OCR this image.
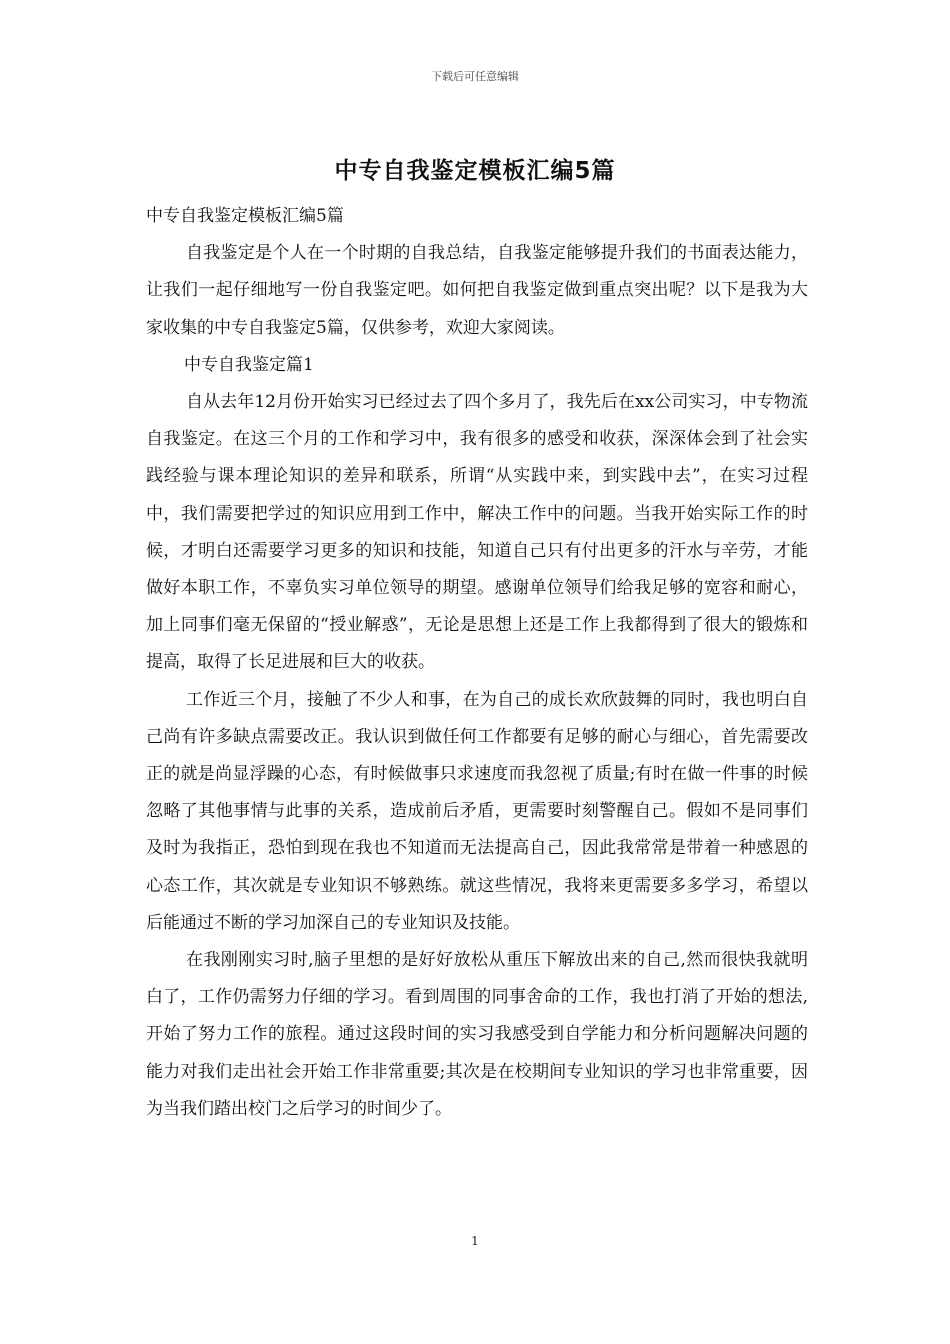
下载后可任意编辑
中专自我鉴定模板汇编5篇

中专自我鉴定模板汇编5篇

自我鉴定是个人在一个时期的自我总结，自我鉴定能够提升我们的书面表达能力，让我们一起仔细地写一份自我鉴定吧。如何把自我鉴定做到重点突出呢？以下是我为大家收集的中专自我鉴定5篇，仅供参考，欢迎大家阅读。

中专自我鉴定篇1

自从去年12月份开始实习已经过去了四个多月了，我先后在xx公司实习，中专物流自我鉴定。在这三个月的工作和学习中，我有很多的感受和收获，深深体会到了社会实践经验与课本理论知识的差异和联系，所谓“从实践中来，到实践中去”，在实习过程中，我们需要把学过的知识应用到工作中，解决工作中的问题。当我开始实际工作的时候，才明白还需要学习更多的知识和技能，知道自己只有付出更多的汗水与辛劳，才能做好本职工作，不辜负实习单位领导的期望。感谢单位领导们给我足够的宽容和耐心，加上同事们毫无保留的“授业解惑”，无论是思想上还是工作上我都得到了很大的锻炼和提高，取得了长足进展和巨大的收获。

工作近三个月，接触了不少人和事，在为自己的成长欢欣鼓舞的同时，我也明白自己尚有许多缺点需要改正。我认识到做任何工作都要有足够的耐心与细心，首先需要改正的就是尚显浮躁的心态，有时候做事只求速度而我忽视了质量;有时在做一件事的时候忽略了其他事情与此事的关系，造成前后矛盾，更需要时刻警醒自己。假如不是同事们及时为我指正，恐怕到现在我也不知道而无法提高自己，因此我常常是带着一种感恩的心态工作，其次就是专业知识不够熟练。就这些情况，我将来更需要多多学习，希望以后能通过不断的学习加深自己的专业知识及技能。

在我刚刚实习时,脑子里想的是好好放松从重压下解放出来的自己,然而很快我就明白了，工作仍需努力仔细的学习。看到周围的同事舍命的工作，我也打消了开始的想法,开始了努力工作的旅程。通过这段时间的实习我感受到自学能力和分析问题解决问题的能力对我们走出社会开始工作非常重要;其次是在校期间专业知识的学习也非常重要，因为当我们踏出校门之后学习的时间少了。

1
